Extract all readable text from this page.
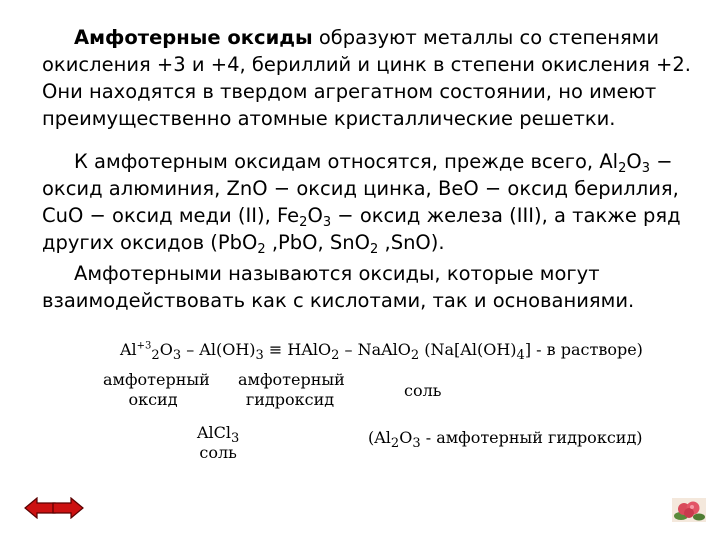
Амфотерные оксиды образуют металлы со степенями окисления +3 и +4, бериллий и цинк в степени окисления +2. Они находятся в твердом агрегатном состоянии, но имеют преимущественно атомные кристаллические решетки.
К амфотерным оксидам относятся, прежде всего, $Al_2O_3$ − оксид алюминия, ZnO − оксид цинка, BeO − оксид бериллия, CuO − оксид меди (II), $Fe_2O_3$ − оксид железа (III), а также ряд других оксидов (PbO$_2$ ,PbO, SnO$_2$ ,SnO).
Амфотерными называются оксиды, которые могут взаимодействовать как с кислотами, так и основаниями.
$Al^{+3}_2O_3 - Al(OH)_3$ ≡ HAlO$_2$ – NaAlO$_2$ ($Na[Al(OH)_4]$ - в растворе)
амфотерный
оксид
амфотерный
гидроксид	соль
AlCl$_3$
соль
($Al_2O_3$ - амфотерный гидроксид)
